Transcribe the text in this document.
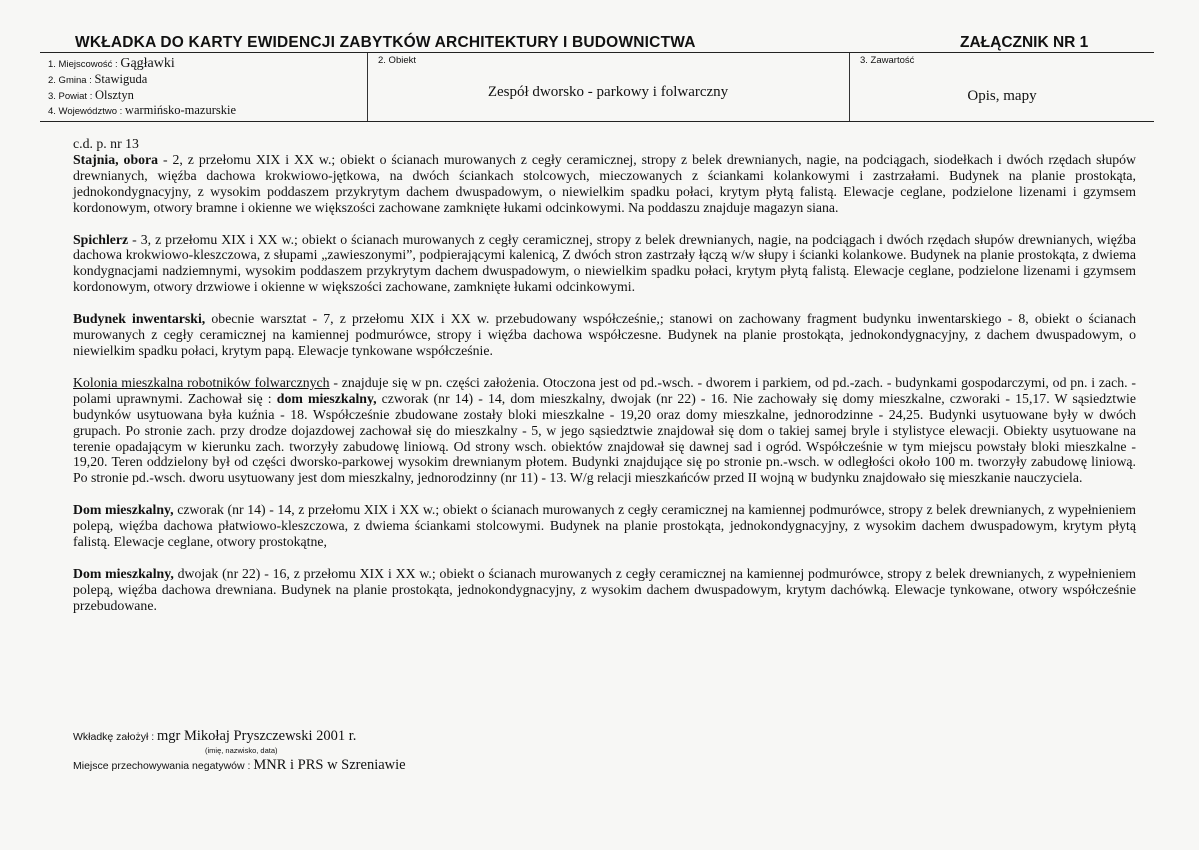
WKŁADKA DO KARTY EWIDENCJI ZABYTKÓW ARCHITEKTURY I BUDOWNICTWA	ZAŁĄCZNIK NR 1
1. Miejscowość : Gągławki
2. Gmina : Stawiguda
3. Powiat : Olsztyn
4. Województwo : warmińsko-mazurskie
2. Obiekt
Zespół dworsko - parkowy i folwarczny
3. Zawartość
Opis, mapy

c.d. p. nr 13

Stajnia, obora - 2, z przełomu XIX i XX w.; obiekt o ścianach murowanych z cegły ceramicznej, stropy z belek drewnianych, nagie, na podciągach, siodełkach i dwóch rzędach słupów drewnianych, więźba dachowa krokwiowo-jętkowa, na dwóch ściankach stolcowych, mieczowanych z ściankami kolankowymi i zastrzałami. Budynek na planie prostokąta, jednokondygnacyjny, z wysokim poddaszem przykrytym dachem dwuspadowym, o niewielkim spadku połaci, krytym płytą falistą. Elewacje ceglane, podzielone lizenami i gzymsem kordonowym, otwory bramne i okienne we większości zachowane zamknięte łukami odcinkowymi. Na poddaszu znajduje magazyn siana.

Spichlerz - 3, z przełomu XIX i XX w.; obiekt o ścianach murowanych z cegły ceramicznej, stropy z belek drewnianych, nagie, na podciągach i dwóch rzędach słupów drewnianych, więźba dachowa krokwiowo-kleszczowa, z słupami „zawieszonymi”, podpierającymi kalenicą, Z dwóch stron zastrzały łączą w/w słupy i ścianki kolankowe. Budynek na planie prostokąta, z dwiema kondygnacjami nadziemnymi, wysokim poddaszem przykrytym dachem dwuspadowym, o niewielkim spadku połaci, krytym płytą falistą. Elewacje ceglane, podzielone lizenami i gzymsem kordonowym, otwory drzwiowe i okienne w większości zachowane, zamknięte łukami odcinkowymi.

Budynek inwentarski, obecnie warsztat - 7, z przełomu XIX i XX w. przebudowany współcześnie,; stanowi on zachowany fragment budynku inwentarskiego - 8, obiekt o ścianach murowanych z cegły ceramicznej na kamiennej podmurówce, stropy i więźba dachowa współczesne. Budynek na planie prostokąta, jednokondygnacyjny, z dachem dwuspadowym, o niewielkim spadku połaci, krytym papą. Elewacje tynkowane współcześnie.

Kolonia mieszkalna robotników folwarcznych - znajduje się w pn. części założenia. Otoczona jest od pd.-wsch. - dworem i parkiem, od pd.-zach. - budynkami gospodarczymi, od pn. i zach. - polami uprawnymi. Zachował się : dom mieszkalny, czworak (nr 14) - 14, dom mieszkalny, dwojak (nr 22) - 16. Nie zachowały się domy mieszkalne, czworaki - 15,17. W sąsiedztwie budynków usytuowana była kuźnia - 18. Współcześnie zbudowane zostały bloki mieszkalne - 19,20 oraz domy mieszkalne, jednorodzinne - 24,25. Budynki usytuowane były w dwóch grupach. Po stronie zach. przy drodze dojazdowej zachował się do mieszkalny - 5, w jego sąsiedztwie znajdował się dom o takiej samej bryle i stylistyce elewacji. Obiekty usytuowane na terenie opadającym w kierunku zach. tworzyły zabudowę liniową. Od strony wsch. obiektów znajdował się dawnej sad i ogród. Współcześnie w tym miejscu powstały bloki mieszkalne - 19,20. Teren oddzielony był od części dworsko-parkowej wysokim drewnianym płotem. Budynki znajdujące się po stronie pn.-wsch. w odległości około 100 m. tworzyły zabudowę liniową. Po stronie pd.-wsch. dworu usytuowany jest dom mieszkalny, jednorodzinny (nr 11) - 13. W/g relacji mieszkańców przed II wojną w budynku znajdowało się mieszkanie nauczyciela.

Dom mieszkalny, czworak (nr 14) - 14, z przełomu XIX i XX w.; obiekt o ścianach murowanych z cegły ceramicznej na kamiennej podmurówce, stropy z belek drewnianych, z wypełnieniem polepą, więźba dachowa płatwiowo-kleszczowa, z dwiema ściankami stolcowymi. Budynek na planie prostokąta, jednokondygnacyjny, z wysokim dachem dwuspadowym, krytym płytą falistą. Elewacje ceglane, otwory prostokątne,

Dom mieszkalny, dwojak (nr 22) - 16, z przełomu XIX i XX w.; obiekt o ścianach murowanych z cegły ceramicznej na kamiennej podmurówce, stropy z belek drewnianych, z wypełnieniem polepą, więźba dachowa drewniana. Budynek na planie prostokąta, jednokondygnacyjny, z wysokim dachem dwuspadowym, krytym dachówką. Elewacje tynkowane, otwory współcześnie przebudowane.

Wkładkę założył : mgr Mikołaj Pryszczewski 2001 r.
Miejsce przechowywania negatywów : MNR i PRS w Szreniawie
(imię, nazwisko, data)
